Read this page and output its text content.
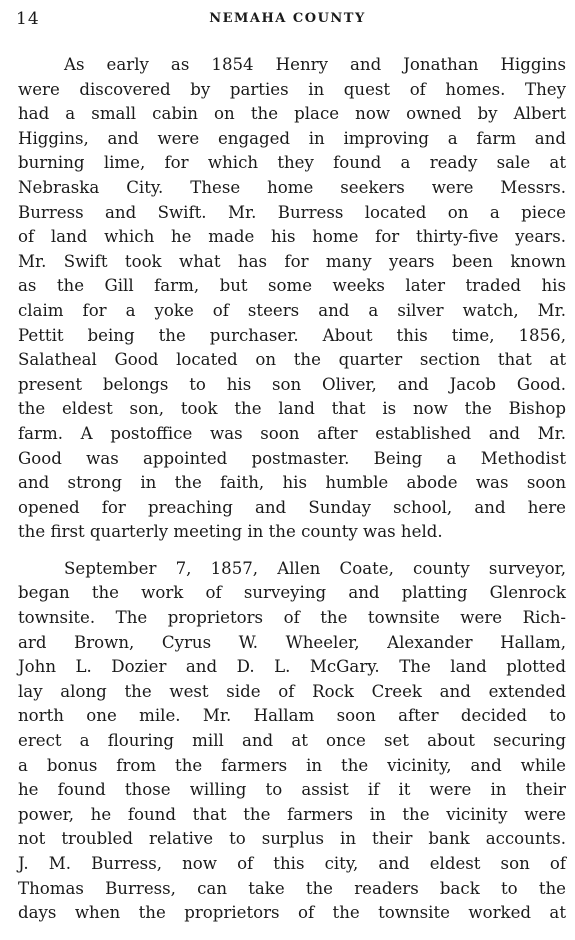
14	NEMAHA COUNTY

As early as 1854 Henry and Jonathan Higgins
were discovered by parties in quest of homes. They
had a small cabin on the place now owned by Albert
Higgins, and were engaged in improving a farm and
burning lime, for which they found a ready sale at
Nebraska City. These home seekers were Messrs.
Burress and Swift. Mr. Burress located on a piece
of land which he made his home for thirty-five years.
Mr. Swift took what has for many years been known
as the Gill farm, but some weeks later traded his
claim for a yoke of steers and a silver watch, Mr.
Pettit being the purchaser. About this time, 1856,
Salatheal Good located on the quarter section that at
present belongs to his son Oliver, and Jacob Good.
the eldest son, took the land that is now the Bishop
farm. A postoffice was soon after established and Mr.
Good was appointed postmaster. Being a Methodist
and strong in the faith, his humble abode was soon
opened for preaching and Sunday school, and here
the first quarterly meeting in the county was held.

September 7, 1857, Allen Coate, county surveyor,
began the work of surveying and platting Glenrock
townsite. The proprietors of the townsite were Rich-
ard Brown, Cyrus W. Wheeler, Alexander Hallam,
John L. Dozier and D. L. McGary. The land plotted
lay along the west side of Rock Creek and extended
north one mile. Mr. Hallam soon after decided to
erect a flouring mill and at once set about securing
a bonus from the farmers in the vicinity, and while
he found those willing to assist if it were in their
power, he found that the farmers in the vicinity were
not troubled relative to surplus in their bank accounts.
J. M. Burress, now of this city, and eldest son of
Thomas Burress, can take the readers back to the
days when the proprietors of the townsite worked at
